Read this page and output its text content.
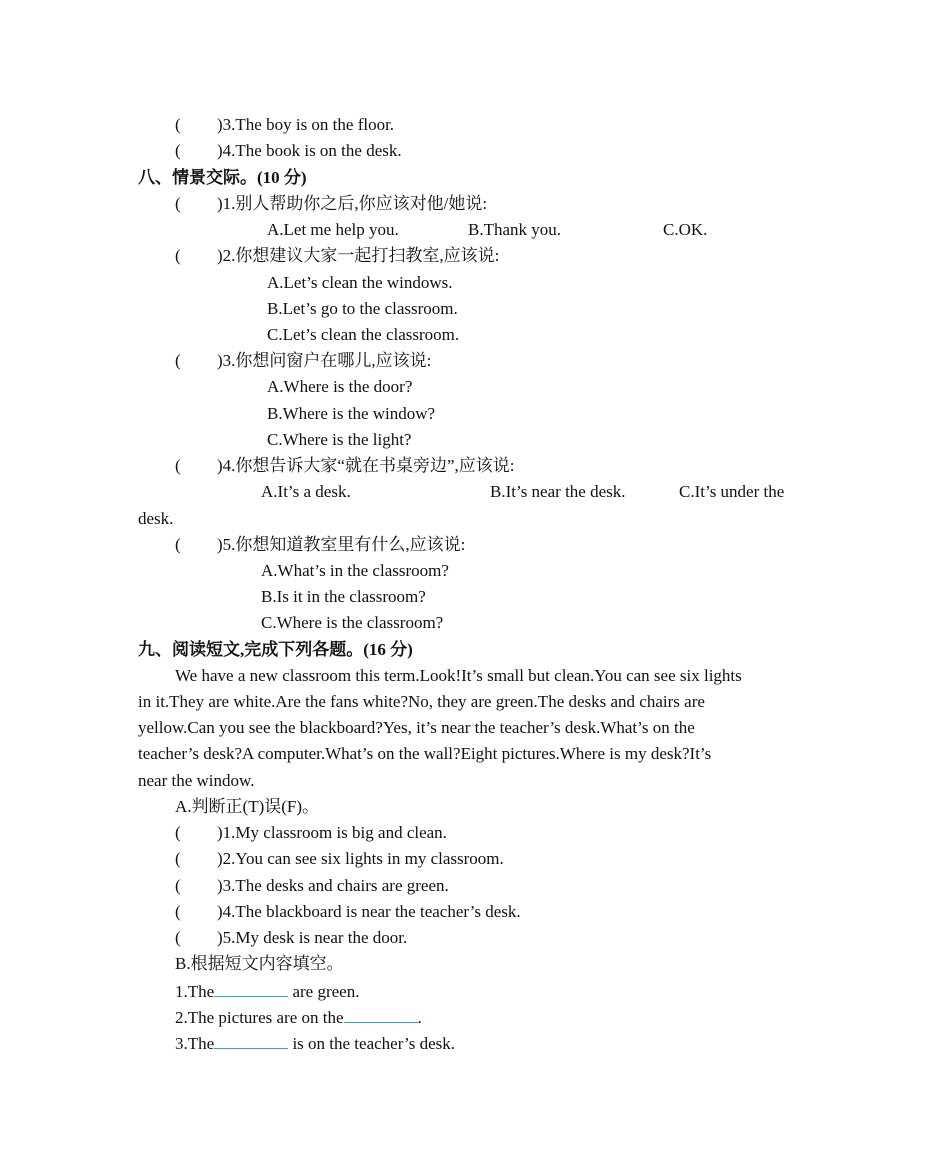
( )3.The boy is on the floor.
( )4.The book is on the desk.
八、情景交际。(10 分)
( )1.别人帮助你之后,你应该对他/她说:
A.Let me help you.	B.Thank you.	C.OK.
( )2.你想建议大家一起打扫教室,应该说:
A.Let’s clean the windows.
B.Let’s go to the classroom.
C.Let’s clean the classroom.
( )3.你想问窗户在哪儿,应该说:
A.Where is the door?
B.Where is the window?
C.Where is the light?
( )4.你想告诉大家“就在书桌旁边”,应该说:
A.It’s a desk.	B.It’s near the desk.	C.It’s under the
desk.
( )5.你想知道教室里有什么,应该说:
A.What’s in the classroom?
B.Is it in the classroom?
C.Where is the classroom?
九、阅读短文,完成下列各题。(16 分)
We have a new classroom this term.Look!It’s small but clean.You can see six lights
in it.They are white.Are the fans white?No, they are green.The desks and chairs are
yellow.Can you see the blackboard?Yes, it’s near the teacher’s desk.What’s on the
teacher’s desk?A computer.What’s on the wall?Eight pictures.Where is my desk?It’s
near the window.
A.判断正(T)误(F)。
( )1.My classroom is big and clean.
( )2.You can see six lights in my classroom.
( )3.The desks and chairs are green.
( )4.The blackboard is near the teacher’s desk.
( )5.My desk is near the door.
B.根据短文内容填空。
1.The	are green.
2.The pictures are on the	.
3.The	is on the teacher’s desk.
